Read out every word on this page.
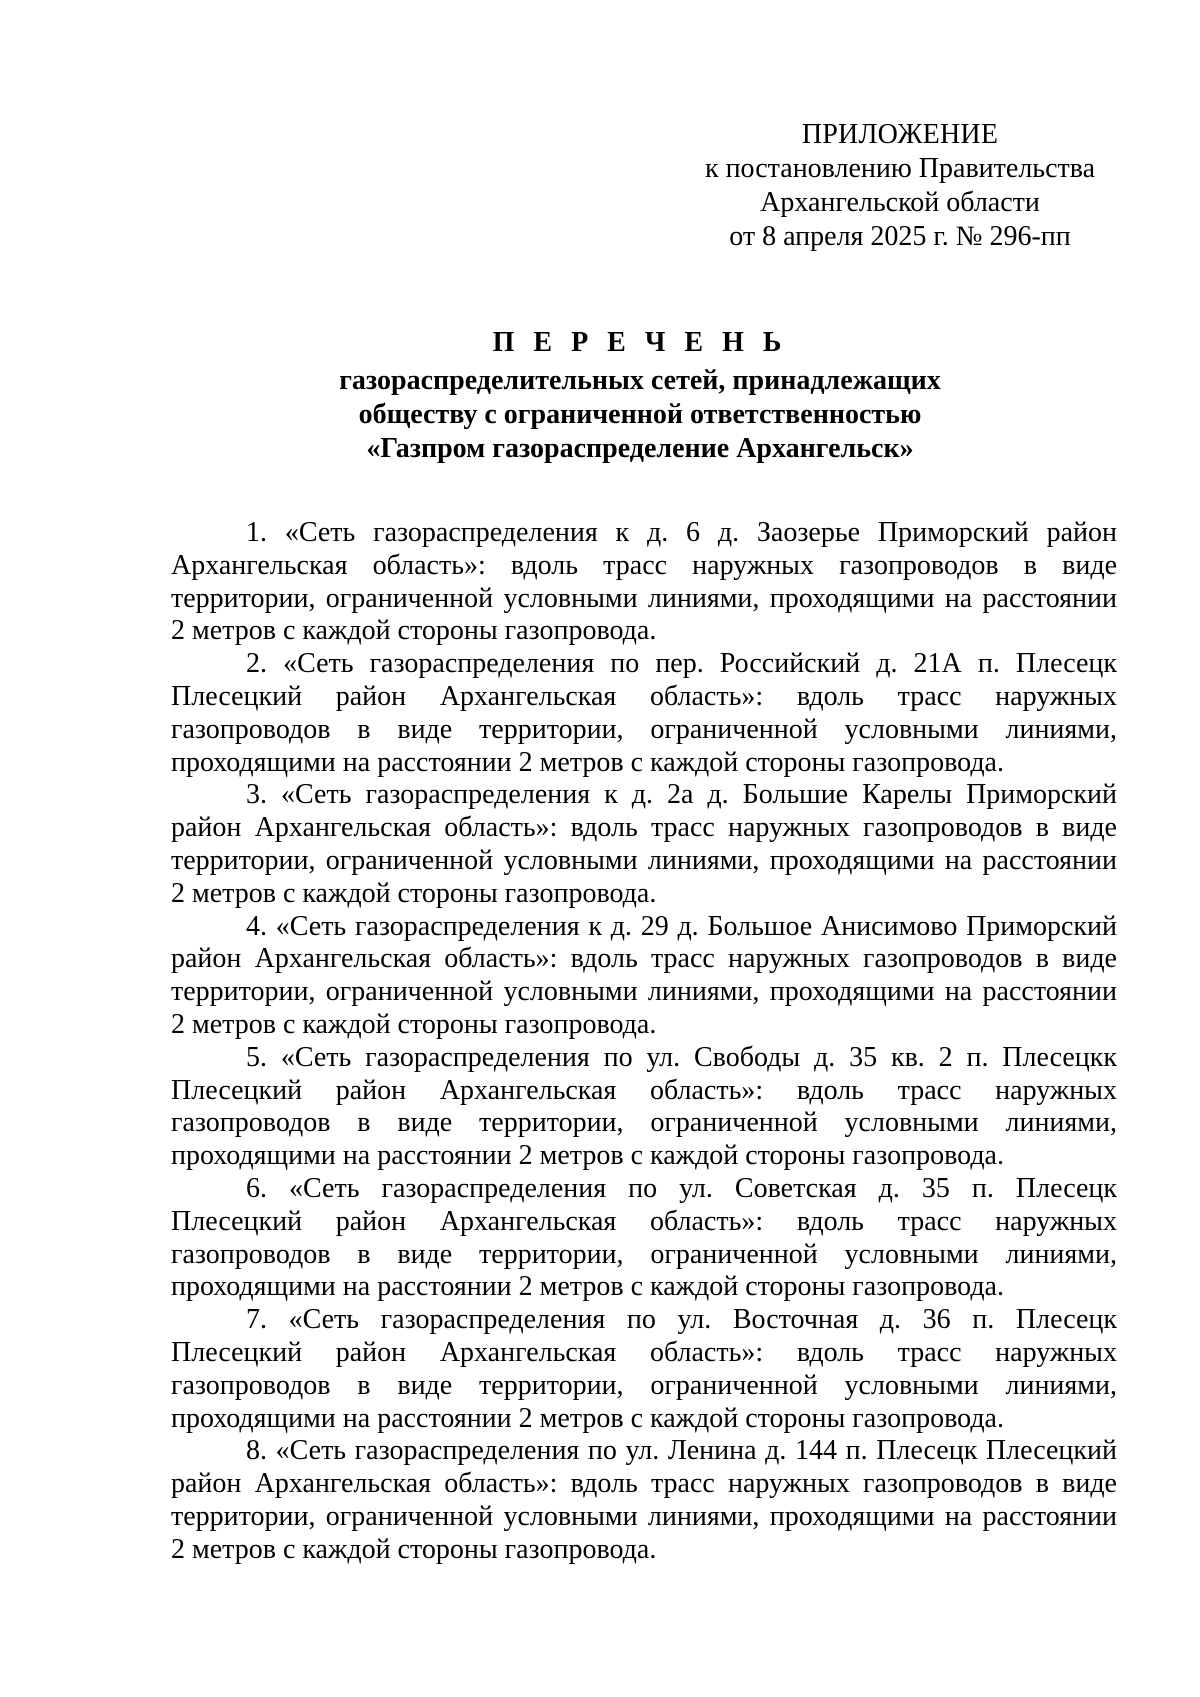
ПРИЛОЖЕНИЕ
к постановлению Правительства
Архангельской области
от 8 апреля 2025 г. № 296-пп
П Е Р Е Ч Е Н Ь
газораспределительных сетей, принадлежащих
обществу с ограниченной ответственностью
«Газпром газораспределение Архангельск»

1. «Сеть газораспределения к д. 6 д. Заозерье Приморский район Архангельская область»: вдоль трасс наружных газопроводов в виде территории, ограниченной условными линиями, проходящими на расстоянии 2 метров с каждой стороны газопровода.

2. «Сеть газораспределения по пер. Российский д. 21А п. Плесецк Плесецкий район Архангельская область»: вдоль трасс наружных газопроводов в виде территории, ограниченной условными линиями, проходящими на расстоянии 2 метров с каждой стороны газопровода.

3. «Сеть газораспределения к д. 2а д. Большие Карелы Приморский район Архангельская область»: вдоль трасс наружных газопроводов в виде территории, ограниченной условными линиями, проходящими на расстоянии 2 метров с каждой стороны газопровода.

4. «Сеть газораспределения к д. 29 д. Большое Анисимово Приморский район Архангельская область»: вдоль трасс наружных газопроводов в виде территории, ограниченной условными линиями, проходящими на расстоянии 2 метров с каждой стороны газопровода.

5. «Сеть газораспределения по ул. Свободы д. 35 кв. 2 п. Плесецкк Плесецкий район Архангельская область»: вдоль трасс наружных газопроводов в виде территории, ограниченной условными линиями, проходящими на расстоянии 2 метров с каждой стороны газопровода.

6. «Сеть газораспределения по ул. Советская д. 35 п. Плесецк Плесецкий район Архангельская область»: вдоль трасс наружных газопроводов в виде территории, ограниченной условными линиями, проходящими на расстоянии 2 метров с каждой стороны газопровода.

7. «Сеть газораспределения по ул. Восточная д. 36 п. Плесецк Плесецкий район Архангельская область»: вдоль трасс наружных газопроводов в виде территории, ограниченной условными линиями, проходящими на расстоянии 2 метров с каждой стороны газопровода.

8. «Сеть газораспределения по ул. Ленина д. 144 п. Плесецк Плесецкий район Архангельская область»: вдоль трасс наружных газопроводов в виде территории, ограниченной условными линиями, проходящими на расстоянии 2 метров с каждой стороны газопровода.
